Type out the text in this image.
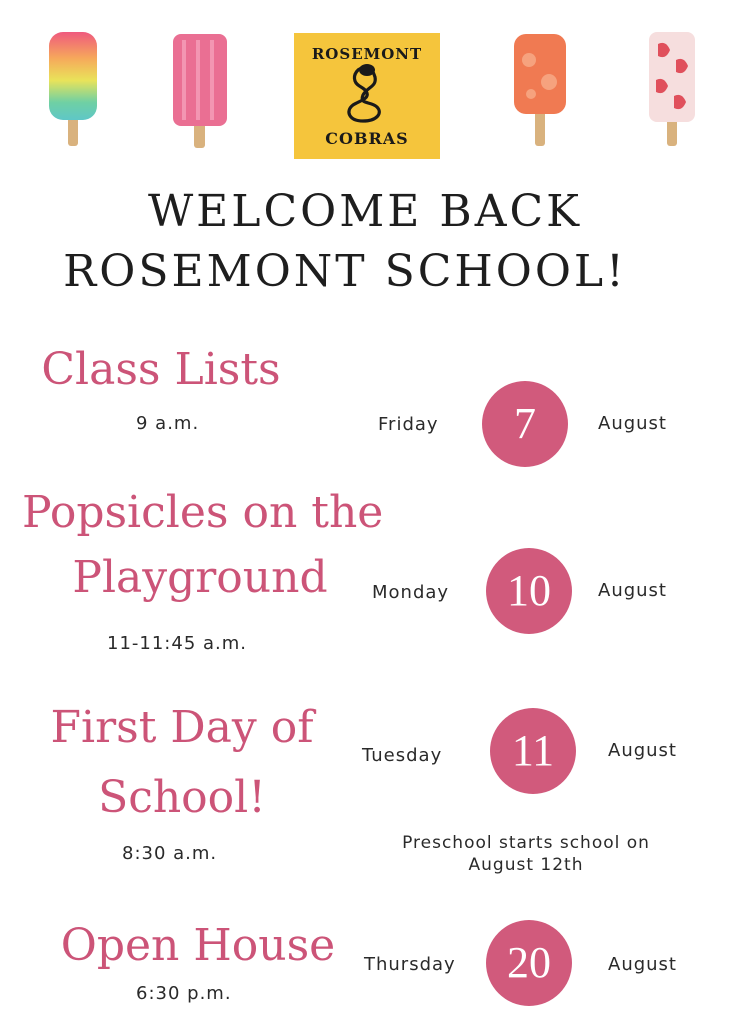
ROSEMONT
COBRAS
WELCOME BACK
ROSEMONT SCHOOL!
Class Lists
9 a.m.	Friday	7	August
Popsicles on the
Playground
11-11:45 a.m.
Monday	10	August
First Day of
School!
8:30 a.m.
Tuesday	11	August
Preschool starts school on
August 12th
Open House
6:30 p.m.
Thursday	20	August
